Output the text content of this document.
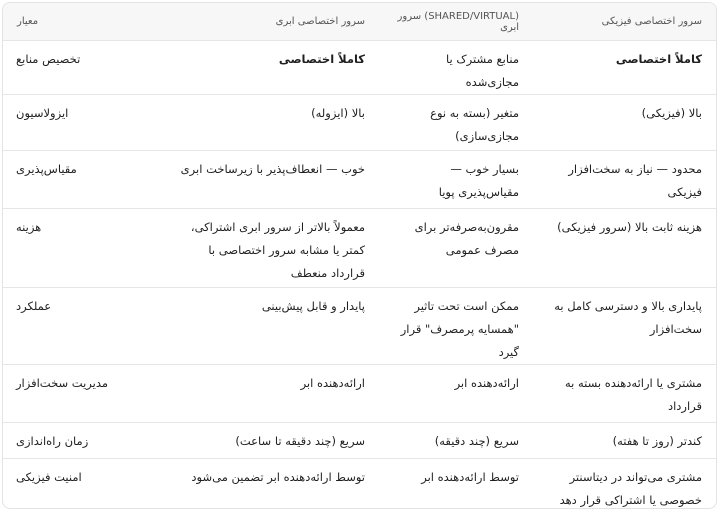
سرور اختصاصی فیزیکی	(SHARED/VIRTUAL) سرور ابری	سرور اختصاصی ابری	معیار
کاملاً اختصاصی	منابع مشترک یا مجازی‌شده	کاملاً اختصاصی	تخصیص منابع
بالا (فیزیکی)	متغیر (بسته به نوع مجازی‌سازی)	بالا (ایزوله)	ایزولاسیون
محدود — نیاز به سخت‌افزار فیزیکی	بسیار خوب — مقیاس‌پذیری پویا	خوب — انعطاف‌پذیر با زیرساخت ابری	مقیاس‌پذیری
هزینه ثابت بالا (سرور فیزیکی)	مقرون‌به‌صرفه‌تر برای مصرف عمومی	معمولاً بالاتر از سرور ابری اشتراکی، کمتر یا مشابه سرور اختصاصی با قرارداد منعطف	هزینه
پایداری بالا و دسترسی کامل به سخت‌افزار	ممکن است تحت تاثیر "همسایه پرمصرف" قرار گیرد	پایدار و قابل پیش‌بینی	عملکرد
مشتری یا ارائه‌دهنده بسته به قرارداد	ارائه‌دهنده ابر	ارائه‌دهنده ابر	مدیریت سخت‌افزار
کندتر (روز تا هفته)	سریع (چند دقیقه)	سریع (چند دقیقه تا ساعت)	زمان راه‌اندازی
مشتری می‌تواند در دیتاسنتر خصوصی یا اشتراکی قرار دهد	توسط ارائه‌دهنده ابر	توسط ارائه‌دهنده ابر تضمین می‌شود	امنیت فیزیکی
